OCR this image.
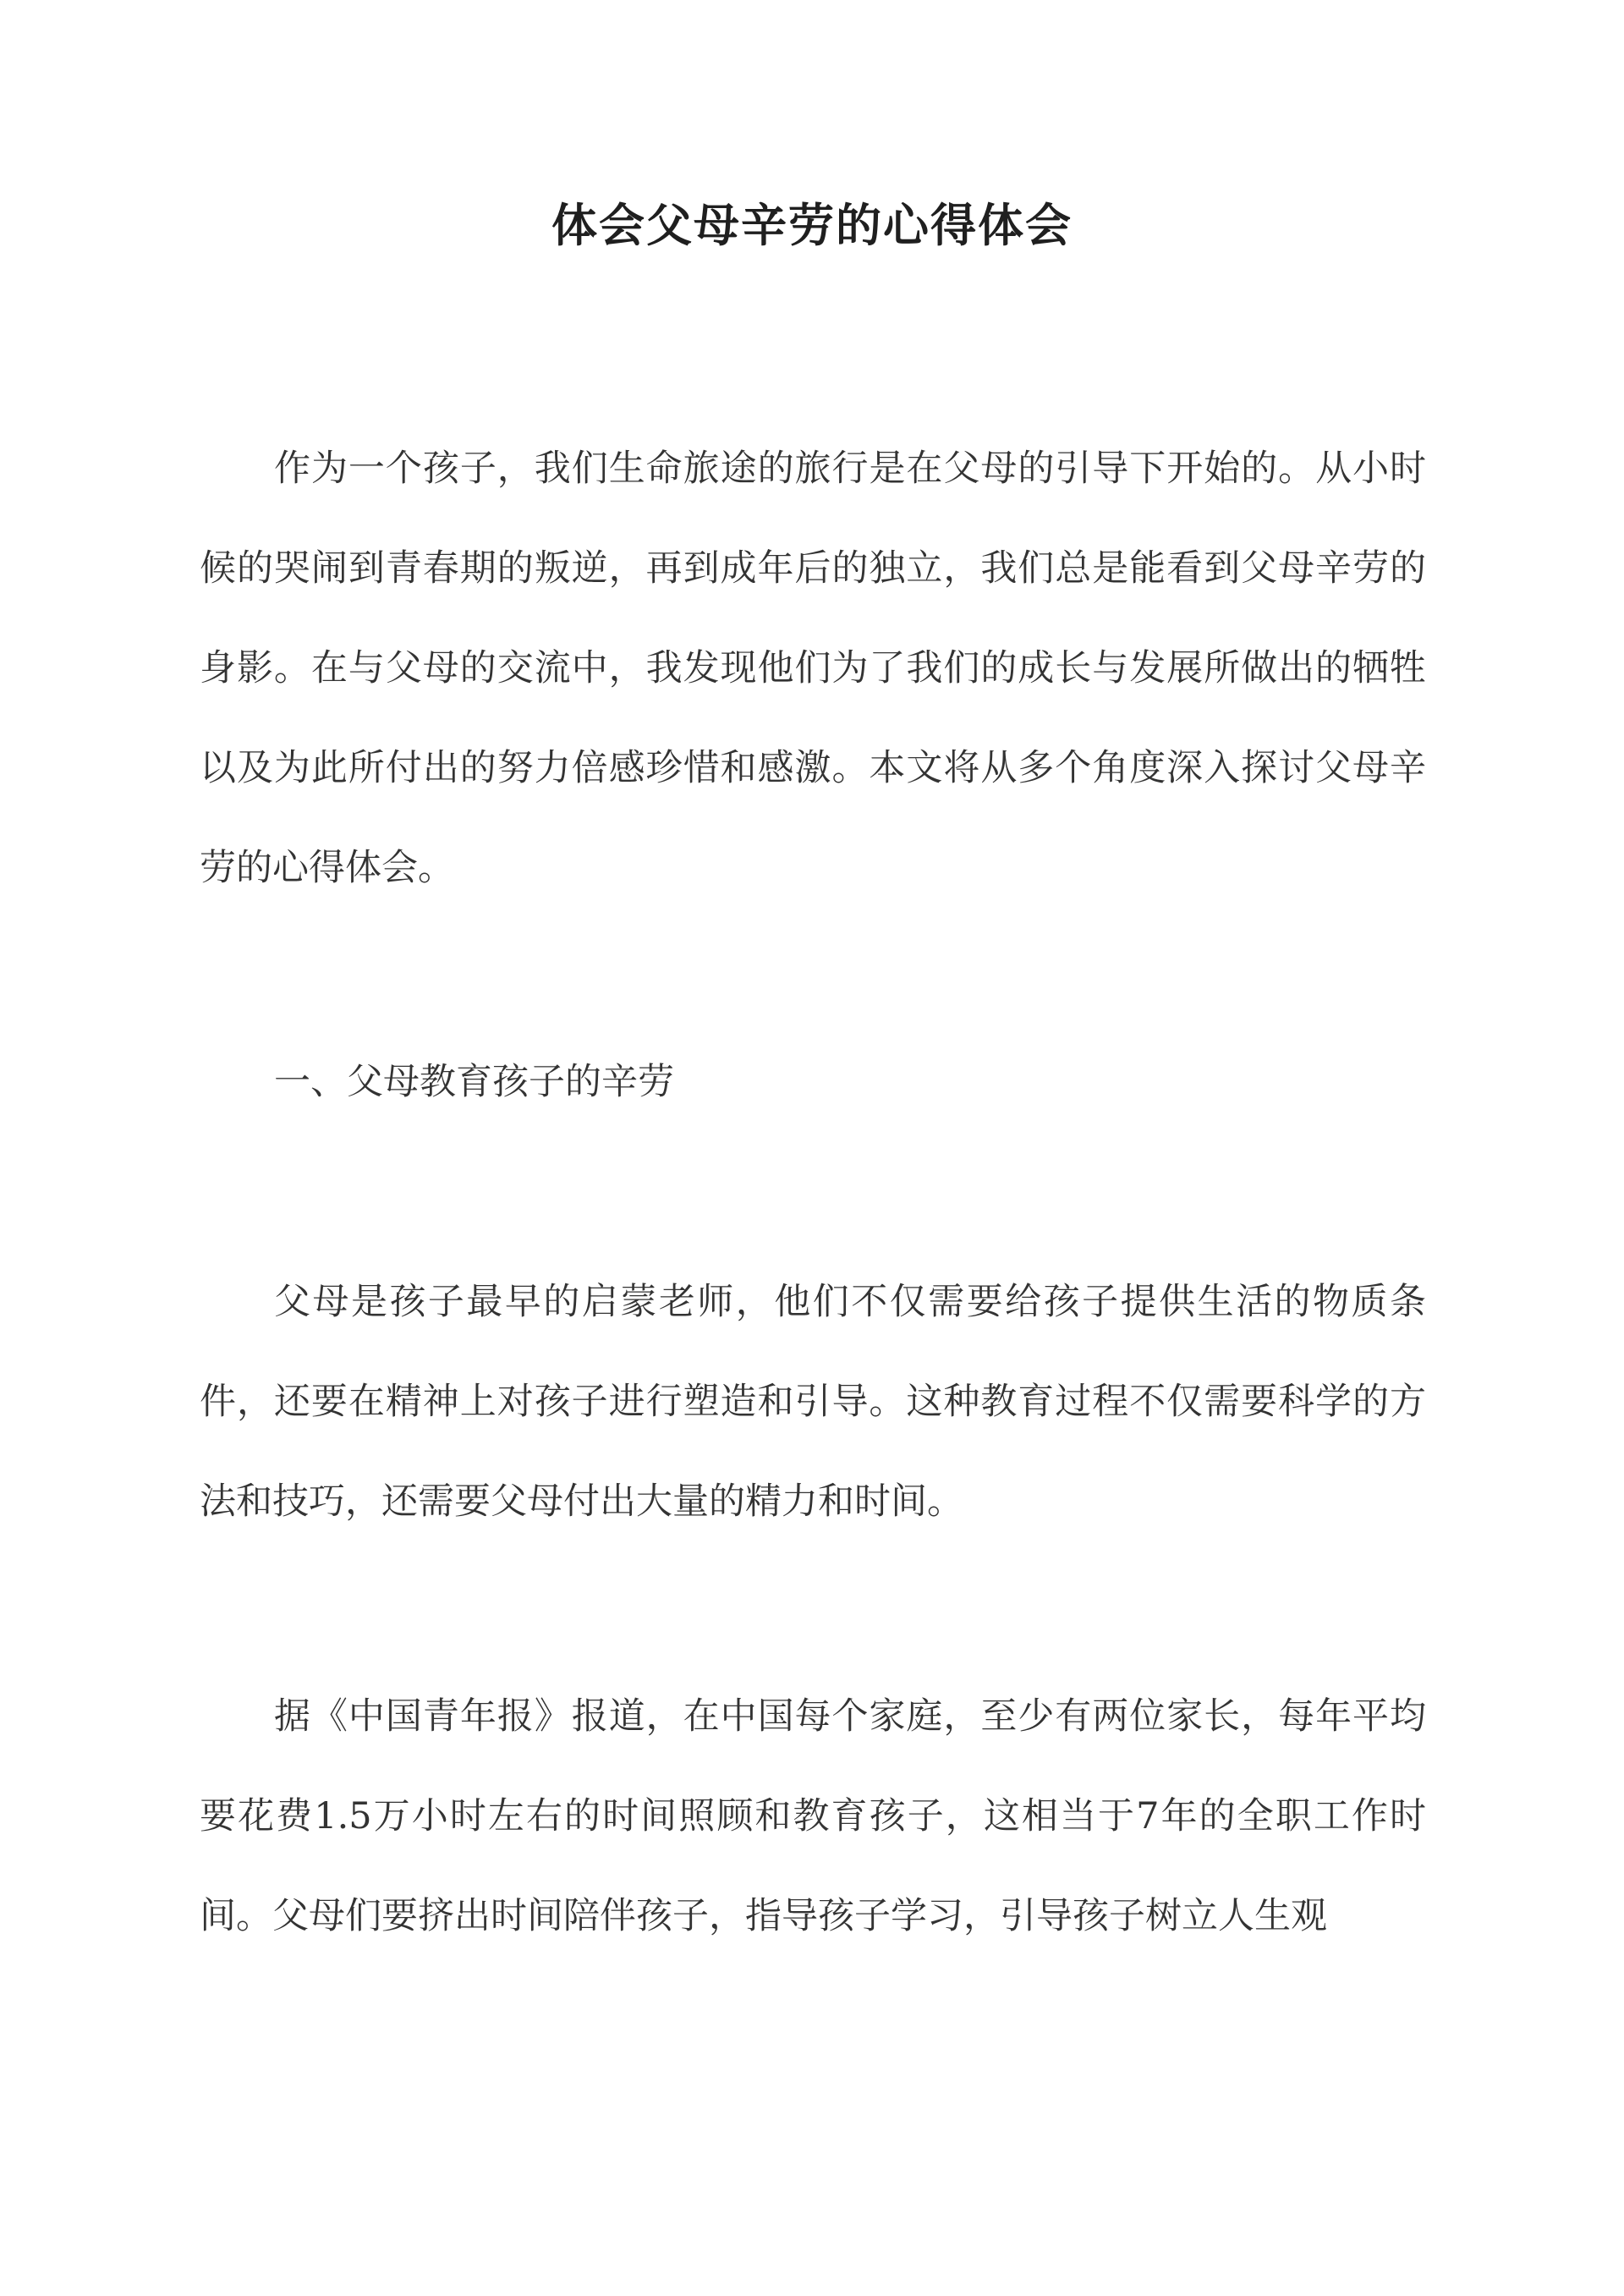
体会父母辛劳的心得体会

作为一个孩子，我们生命旅途的旅行是在父母的引导下开始的。从小时候的哭闹到青春期的叛逆，再到成年后的独立，我们总是能看到父母辛劳的身影。在与父母的交流中，我发现他们为了我们的成长与发展所做出的牺牲以及为此所付出的努力倍感珍惜和感激。本文将从多个角度深入探讨父母辛劳的心得体会。

一、父母教育孩子的辛劳

父母是孩子最早的启蒙老师，他们不仅需要给孩子提供生活的物质条件，还要在精神上对孩子进行塑造和引导。这种教育过程不仅需要科学的方法和技巧，还需要父母付出大量的精力和时间。

据《中国青年报》报道，在中国每个家庭，至少有两位家长，每年平均要花费1.5万小时左右的时间照顾和教育孩子，这相当于7年的全职工作时间。父母们要挤出时间陪伴孩子，指导孩子学习，引导孩子树立人生观
